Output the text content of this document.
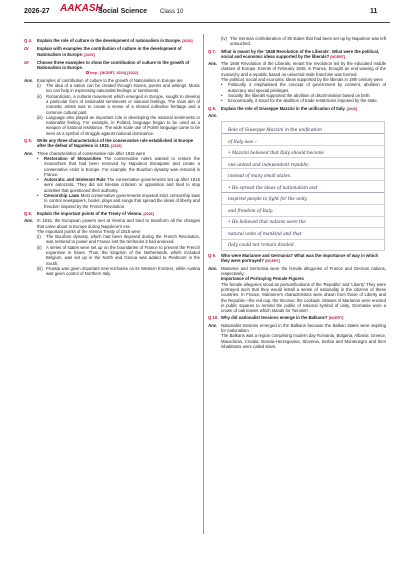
2026-27 AAKASH
Social Science Class 10	11
Q 4.	Explain the role of culture in the development of nationalism in Europe. [2025]
Or	Explain with examples the contribution of culture in the development of Nationalism in Europe. [2025]
Or	Choose three examples to show the contribution of culture to the growth of Nationalism in Europe.
✪ Imp - [NCERT, 2024] [2022]
Ans. Examples of contribution of culture to the growth of Nationalism in Europe are
(i)	The idea of a nation can be created through stories, poems and writings. Music too can help in expressing nationalist feelings or sentiments.
(ii)	Romanticism, a cultural movement which emerged in Europe, sought to develop a particular form of nationalist sentiments or national feelings. The main aim of romantic artists was to create a sense of a shared collective heritage and a common cultural past.
(iii) Language also played an important role in developing the national sentiments or nationalist feeling. For example, in Poland, language began to be used as a weapon of national resistance. The wide scale use of Polish language came to be seen as a symbol of struggle against national dominance.
Q 5.	Write any three characteristics of the conservative rule established in Europe after the defeat of Napoleon in 1815. [2025]
Ans. Three characteristics of conservative rule after 1815 were
•	Restoration of Monarchies The conservative rulers wanted to restore the monarchies that had been removed by Napoleon Bonaparte and create a conservative order in Europe. For example, the Bourbon dynasty was restored in France.
•	Autocratic and Intolerant Rule The conservative governments set up after 1815 were autocratic. They did not tolerate criticism or opposition and tried to stop activities that questioned their authority.
•	Censorship Laws Most conservative governments imposed strict censorship laws to control newspapers, books, plays and songs that spread the ideas of liberty and freedom inspired by the French Revolution.
Q 6.	Explain the important points of the Treaty of Vienna. [2026]
Ans. In 1815, the European powers met at Vienna and tried to transform all the changes that came about in Europe during Napoleon's era.
The important points of the Vienna Treaty of 1815 were
(i)	The Bourbon dynasty, which had been deposed during the French Revolution, was restored to power and France lost the territories it had annexed.
(ii)	A series of states were set up on the boundaries of France to prevent the French expansion in future. Thus, the kingdom of the Netherlands, which included Belgium, was set up in the North and Genoa was added to Piedmont in the South.
(iii) Prussia was given important new territories on its Western frontiers, while Austria was given control of Northern Italy.
(iv) The German confederation of 39 states that had been set up by Napoleon was left untouched.
Q 7.	What is meant by the '1848 Revolution of the Liberals'. What were the political, social and economic ideas supported by the liberals? [NCERT]
Ans. The 1848 Revolution of the Liberals, meant the revolution led by the educated middle classes of Europe. Events of February 1848, in France, brought an end waiving of the monarchy and a republic based on universal male franchise was formed.
The political, social and economic ideas supported by the liberals in 19th century were
•	Politically, it emphasised the concept of government by consent, abolition of autocracy and special privileges.
•	Socially, the liberals supported the abolition of discrimination based on birth.
•	Economically, it stood for the abolition of trade restrictions imposed by the state.
Q 8.	Explain the role of Giuseppe Mazzini in the unification of Italy. [2026]
Ans.
Role of Giuseppe Mazzini in the unification
of Italy was :-
• Mazzini believed that Italy should become
one united and independent republic
instead of many small states.
• He spread the ideas of nationalism and
inspired people to fight for the unity
and freedom of Italy.
• He believed that nations were the
natural units of mankind and that
Italy could not remain divided.
Q 9.	Who were Marianne and Germania? What was the importance of way in which they were portrayed? [NCERT]
Ans. Marianne and Germania were the female allegories of France and German nations, respectively.
Importance of Portraying Female Figures
The female allegories stood as personifications of the 'Republic' and 'Liberty'.They were portrayed such that they would install a sense of nationality in the citizens of these countries. In France, Marianne's characteristics were drawn from those of Liberty and the Republic—the red cap, the tricolour, the cockade. Statues of Marianne were erected in public squares to remind the public of national symbol of unity. Germania wore a crown of oak leaves which stands for 'heroism'.
Q 10. Why did nationalist tensions emerge in the Balkans? [NCERT]
Ans. Nationalist tensions emerged in the Balkans because the Balkan states were aspiring for nationalism.
The Balkans was a region comprising modern day Romania, Bulgaria, Albania, Greece, Macedonia, Croatia, Bosnia-Herzegovina, Slovenia, Serbia and Montenegro and their inhabitants were called slavs.
